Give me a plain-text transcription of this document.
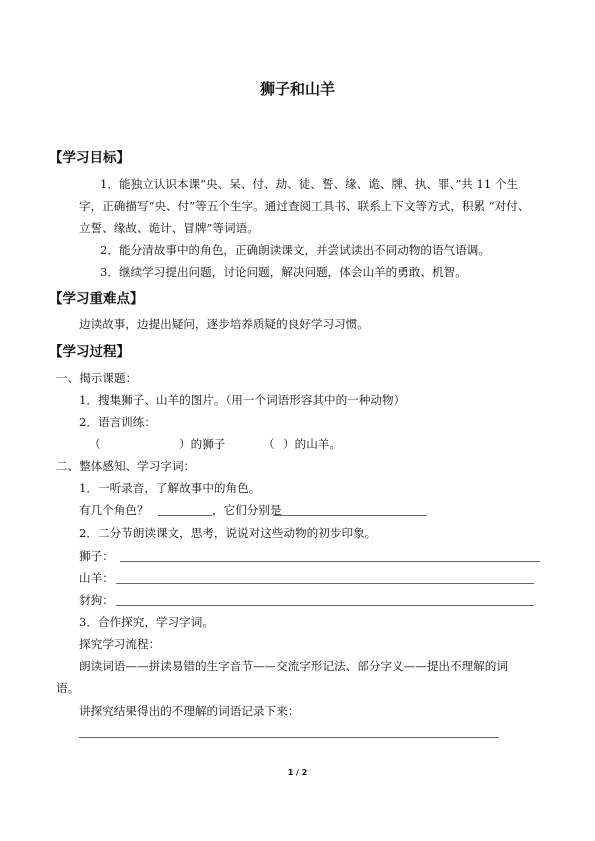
狮子和山羊
【学习目标】
1．能独立认识本课“央、呆、付、劫、徒、誓、缘、诡、牌、执、罪、”共 11 个生
字，正确描写“央、付”等五个生字。通过查阅工具书、联系上下文等方式，积累 “对付、
立誓、缘故、诡计、冒牌”等词语。
2．能分清故事中的角色，正确朗读课文，并尝试读出不同动物的语气语调。
3．继续学习提出问题，讨论问题，解决问题，体会山羊的勇敢、机智。
【学习重难点】
边读故事，边提出疑问，逐步培养质疑的良好学习习惯。
【学习过程】
一、揭示课题：
1．搜集狮子、山羊的图片。（用一个词语形容其中的一种动物）
2．语言训练：
（	）的狮子	（ ）的山羊。
二、整体感知、学习字词：
1．一听录音，了解故事中的角色。
有几个角色？	，它们分别是
2．二分节朗读课文，思考，说说对这些动物的初步印象。
狮子：
山羊：
豺狗：
3．合作探究，学习字词。
探究学习流程：
朗读词语——拼读易错的生字音节——交流字形记法、部分字义——提出不理解的词
语。
讲探究结果得出的不理解的词语记录下来：
1 / 2
